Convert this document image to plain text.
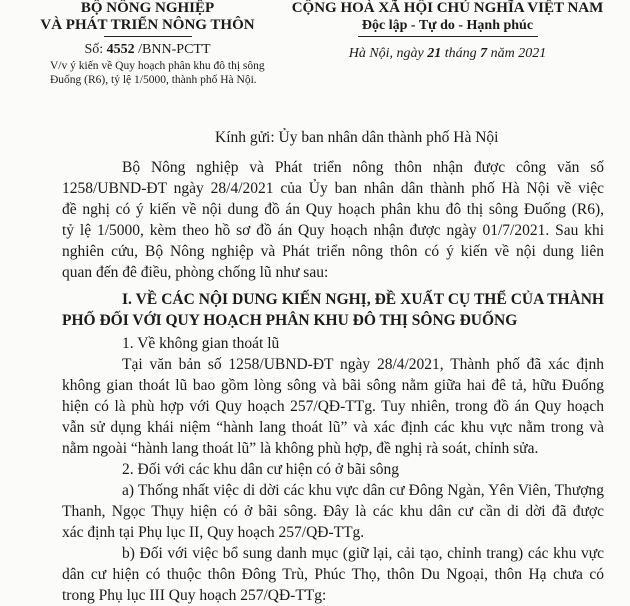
BỘ NÔNG NGHIỆP
VÀ PHÁT TRIỂN NÔNG THÔN
Số: 4552 /BNN-PCTT
V/v ý kiến về Quy hoạch phân khu đô thị sông
Đuống (R6), tỷ lệ 1/5000, thành phố Hà Nội.
CỘNG HOÀ XÃ HỘI CHỦ NGHĨA VIỆT NAM
Độc lập - Tự do - Hạnh phúc
Hà Nội, ngày 21 tháng 7 năm 2021
Kính gửi: Ủy ban nhân dân thành phố Hà Nội
Bộ Nông nghiệp và Phát triển nông thôn nhận được công văn số
1258/UBND-ĐT ngày 28/4/2021 của Ủy ban nhân dân thành phố Hà Nội về việc
đề nghị có ý kiến về nội dung đồ án Quy hoạch phân khu đô thị sông Đuống (R6),
tỷ lệ 1/5000, kèm theo hồ sơ đồ án Quy hoạch nhận được ngày 01/7/2021. Sau khi
nghiên cứu, Bộ Nông nghiệp và Phát triển nông thôn có ý kiến về nội dung liên
quan đến đê điều, phòng chống lũ như sau:
I. VỀ CÁC NỘI DUNG KIẾN NGHỊ, ĐỀ XUẤT CỤ THỂ CỦA THÀNH
PHỐ ĐỐI VỚI QUY HOẠCH PHÂN KHU ĐÔ THỊ SÔNG ĐUỐNG
1. Về không gian thoát lũ
Tại văn bản số 1258/UBND-ĐT ngày 28/4/2021, Thành phố đã xác định
không gian thoát lũ bao gồm lòng sông và bãi sông nằm giữa hai đê tả, hữu Đuống
hiện có là phù hợp với Quy hoạch 257/QĐ-TTg. Tuy nhiên, trong đồ án Quy hoạch
vẫn sử dụng khái niệm “hành lang thoát lũ” và xác định các khu vực nằm trong và
nằm ngoài “hành lang thoát lũ” là không phù hợp, đề nghị rà soát, chỉnh sửa.
2. Đối với các khu dân cư hiện có ở bãi sông
a) Thống nhất việc di dời các khu vực dân cư Đông Ngàn, Yên Viên, Thượng
Thanh, Ngọc Thụy hiện có ở bãi sông. Đây là các khu dân cư cần di dời đã được
xác định tại Phụ lục II, Quy hoạch 257/QĐ-TTg.
b) Đối với việc bổ sung danh mục (giữ lại, cải tạo, chỉnh trang) các khu vực
dân cư hiện có thuộc thôn Đông Trù, Phúc Thọ, thôn Du Ngoại, thôn Hạ chưa có
trong Phụ lục III Quy hoạch 257/QĐ-TTg:
